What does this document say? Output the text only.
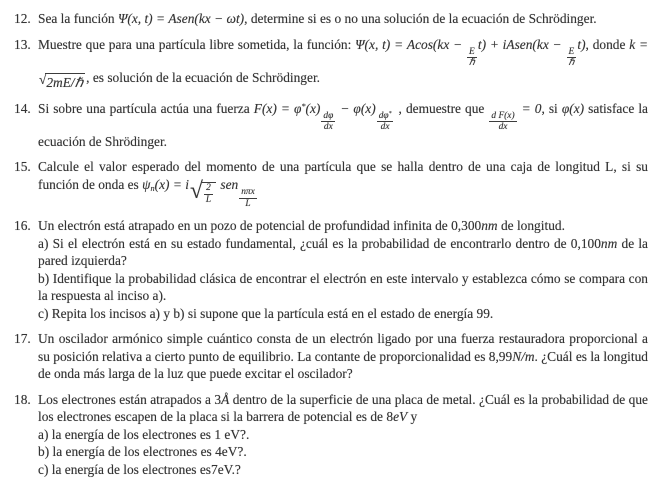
12. Sea la función Ψ(x, t) = Asen(kx − ωt), determine si es o no una solución de la ecuación de Schrödinger.
13. Muestre que para una partícula libre sometida, la función: Ψ(x, t) = Acos(kx −
$\frac{E}{\text{ℏ}}$
t) + iAsen(kx −
$\frac{E}{\text{ℏ}}$
t), donde k =
√ 2mE/ℏ , es solución de la ecuación de Schrödinger.
14. Si sobre una partícula actúa una fuerza F(x) = φ*(x)
$\frac{d\varphi}{dx}$
− φ(x)
$\frac{d\varphi^*}{dx}$
, demuestre que
$\frac{\text{d F(x)}}{dx}$
= 0, si φ(x) satisface la ecuación de Shrödinger.
15. Calcule el valor esperado del momento de una partícula que se halla dentro de una caja de longitud L, si su función de onda es $\psi_n(x) = i$ √ $\frac{2}{L}$ sen
$\frac{\text{nπx}}{L}$
16. Un electrón está atrapado en un pozo de potencial de profundidad infinita de 0,300nm de longitud.
a) Si el electrón está en su estado fundamental, ¿cuál es la probabilidad de encontrarlo dentro de 0,100nm de la pared izquierda?
b) Identifique la probabilidad clásica de encontrar el electrón en este intervalo y establezca cómo se compara con la respuesta al inciso a).
c) Repita los incisos a) y b) si supone que la partícula está en el estado de energía 99.
17. Un oscilador armónico simple cuántico consta de un electrón ligado por una fuerza restauradora proporcional a su posición relativa a cierto punto de equilibrio. La contante de proporcionalidad es 8,99N/m. ¿Cuál es la longitud de onda más larga de la luz que puede excitar el oscilador?
18. Los electrones están atrapados a 3Å dentro de la superficie de una placa de metal. ¿Cuál es la probabilidad de que los electrones escapen de la placa si la barrera de potencial es de 8eV y
a) la energía de los electrones es 1 eV?.
b) la energía de los electrones es 4eV?.
c) la energía de los electrones es7eV.?
